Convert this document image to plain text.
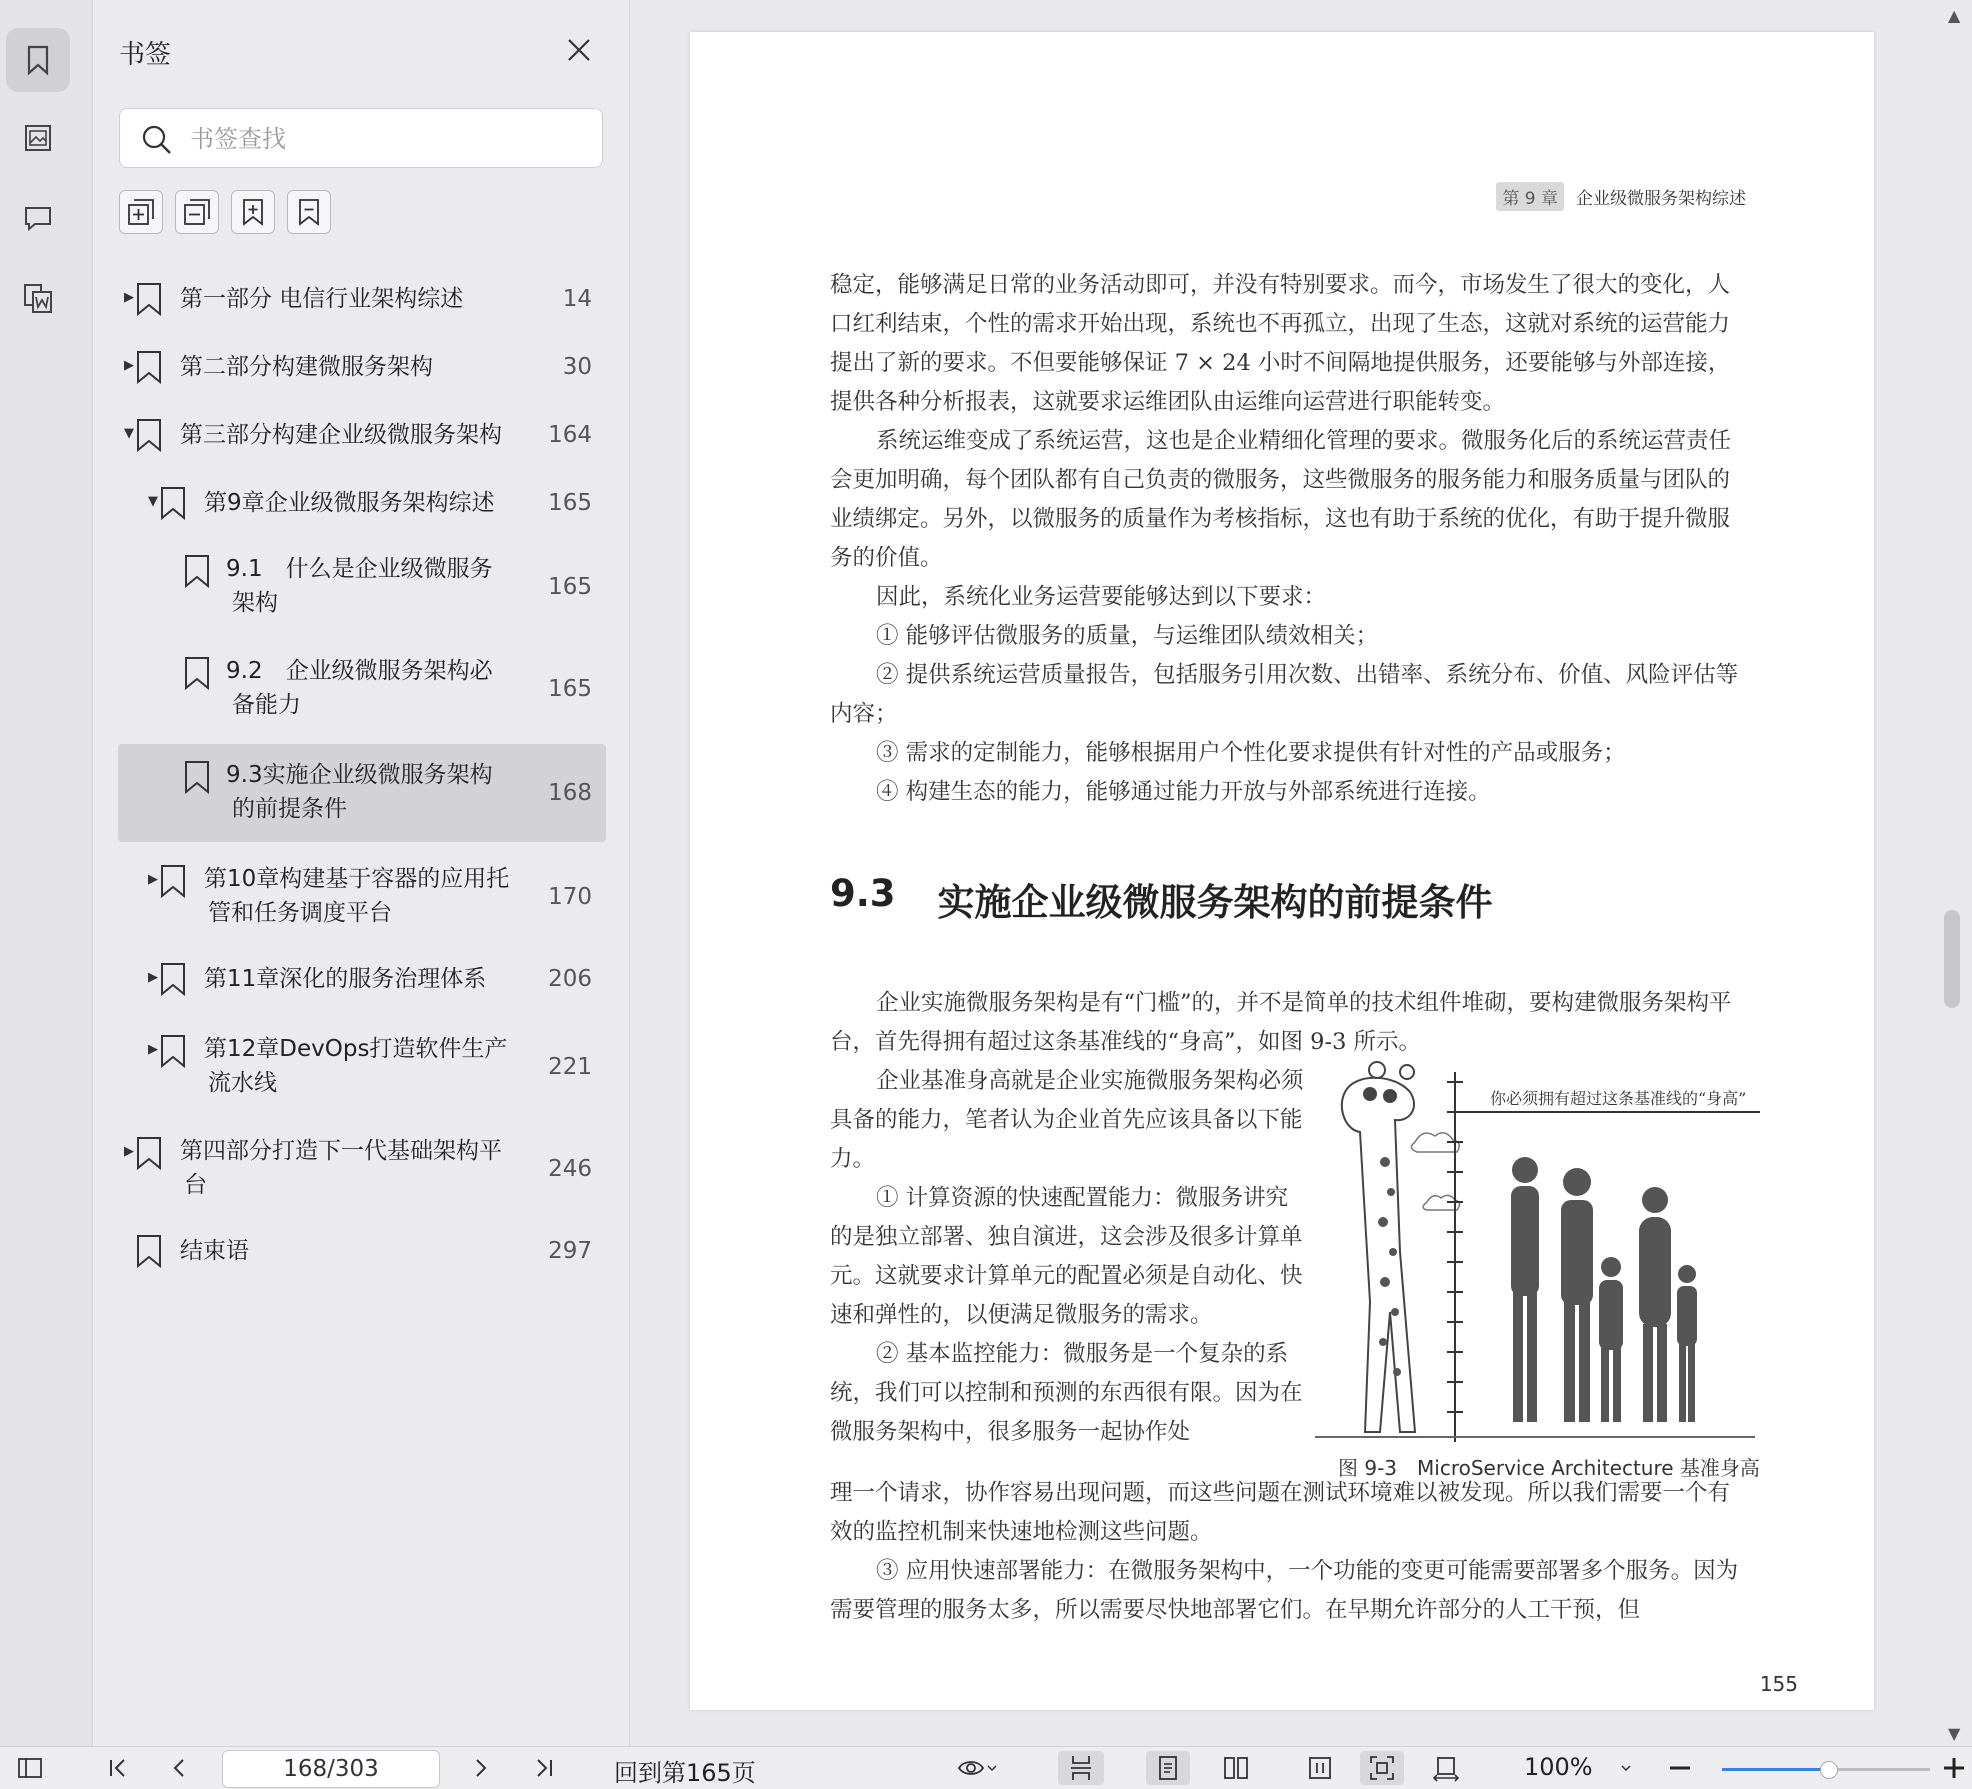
书签
书签查找
▶ 第一部分 电信行业架构综述	14
▶ 第二部分构建微服务架构	30
▼ 第三部分构建企业级微服务架构 164
▼ 第9章企业级微服务架构综述 165
9.1　什么是企业级微服务
架构
165
9.2　企业级微服务架构必
备能力
165
9.3实施企业级微服务架构
的前提条件
168
▶ 第10章构建基于容器的应用托
管和任务调度平台
170
▶ 第11章深化的服务治理体系	206
▶ 第12章DevOps打造软件生产
流水线
221
▶ 第四部分打造下一代基础架构平
台
246
结束语	297
第 9 章	企业级微服务架构综述

稳定，能够满足日常的业务活动即可，并没有特别要求。而今，市场发生了很大的变化，人口红利结束，个性的需求开始出现，系统也不再孤立，出现了生态，这就对系统的运营能力提出了新的要求。不但要能够保证 7 × 24 小时不间隔地提供服务，还要能够与外部连接，提供各种分析报表，这就要求运维团队由运维向运营进行职能转变。

系统运维变成了系统运营，这也是企业精细化管理的要求。微服务化后的系统运营责任会更加明确，每个团队都有自己负责的微服务，这些微服务的服务能力和服务质量与团队的业绩绑定。另外，以微服务的质量作为考核指标，这也有助于系统的优化，有助于提升微服务的价值。

因此，系统化业务运营要能够达到以下要求：

① 能够评估微服务的质量，与运维团队绩效相关；

② 提供系统运营质量报告，包括服务引用次数、出错率、系统分布、价值、风险评估等内容；

③ 需求的定制能力，能够根据用户个性化要求提供有针对性的产品或服务；

④ 构建生态的能力，能够通过能力开放与外部系统进行连接。

9.3 实施企业级微服务架构的前提条件

企业实施微服务架构是有“门槛”的，并不是简单的技术组件堆砌，要构建微服务架构平台，首先得拥有超过这条基准线的“身高”，如图 9-3 所示。

企业基准身高就是企业实施微服务架构必须具备的能力，笔者认为企业首先应该具备以下能力。

① 计算资源的快速配置能力：微服务讲究的是独立部署、独自演进，这会涉及很多计算单元。这就要求计算单元的配置必须是自动化、快速和弹性的，以便满足微服务的需求。

② 基本监控能力：微服务是一个复杂的系统，我们可以控制和预测的东西很有限。因为在微服务架构中，很多服务一起协作处

你必须拥有超过这条基准线的“身高”
图 9-3　MicroService Architecture 基准身高

理一个请求，协作容易出现问题，而这些问题在测试环境难以被发现。所以我们需要一个有效的监控机制来快速地检测这些问题。

③ 应用快速部署能力：在微服务架构中，一个功能的变更可能需要部署多个服务。因为需要管理的服务太多，所以需要尽快地部署它们。在早期允许部分的人工干预，但

155
▲
▼
168/303	回到第165页	100%
